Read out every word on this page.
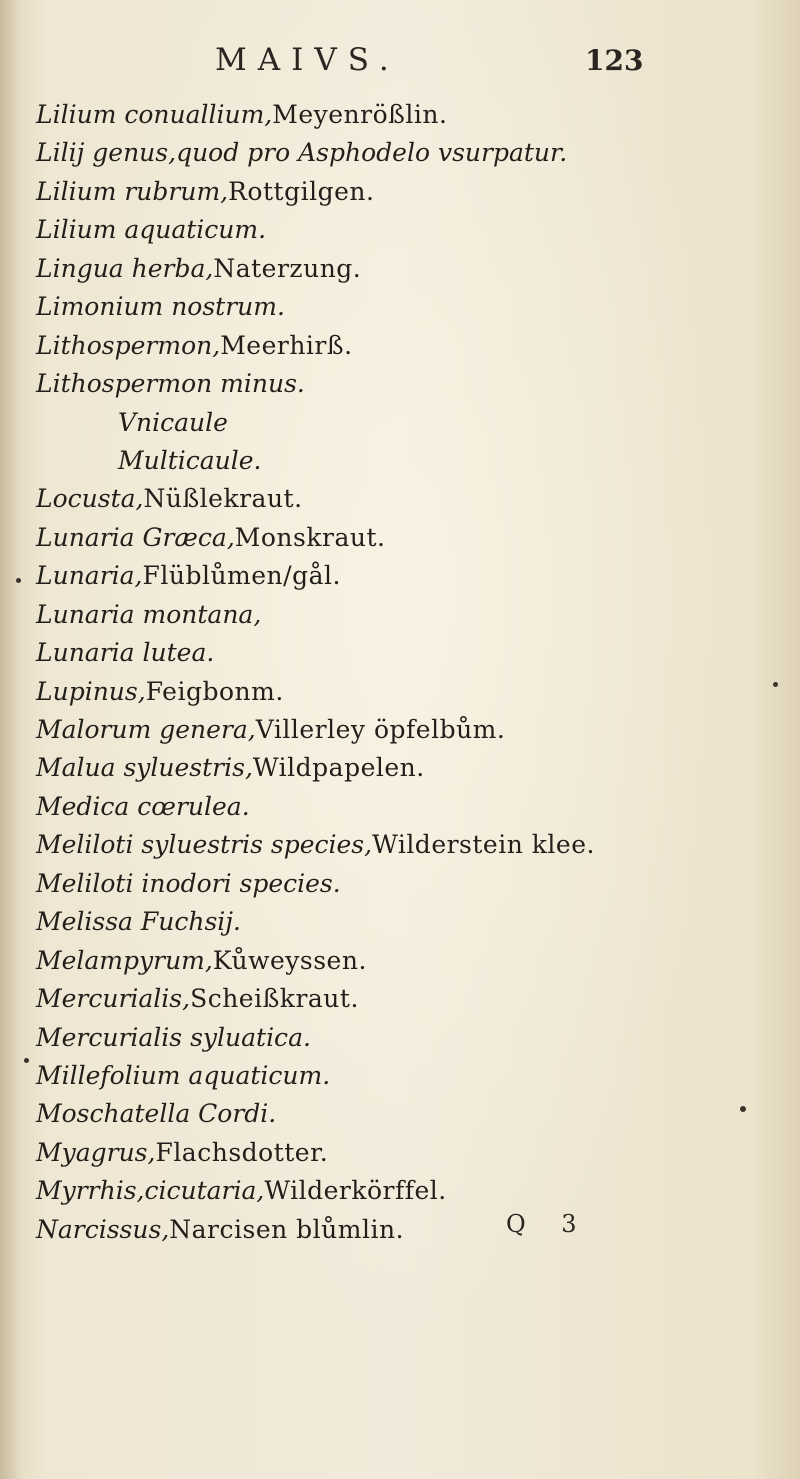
MAIVS.	123
Lilium conuallium,Meyenrößlin.
Lilij genus,quod pro Asphodelo vsurpatur.
Lilium rubrum,Rottgilgen.
Lilium aquaticum.
Lingua herba,Naterzung.
Limonium nostrum.
Lithospermon,Meerhirß.
Lithospermon minus.
Vnicaule
Multicaule.
Locusta,Nüßlekraut.
Lunaria Græca,Monskraut.
Lunaria,Flüblůmen/gål.
Lunaria montana,
Lunaria lutea.
Lupinus,Feigbonm.
Malorum genera,Villerley öpfelbům.
Malua syluestris,Wildpapelen.
Medica cœrulea.
Meliloti syluestris species,Wilderstein klee.
Meliloti inodori species.
Melissa Fuchsij.
Melampyrum,Kůweyssen.
Mercurialis,Scheißkraut.
Mercurialis syluatica.
Millefolium aquaticum.
Moschatella Cordi.
Myagrus,Flachsdotter.
Myrrhis,cicutaria,Wilderkörffel.
Narcissus,Narcisen blůmlin.	Q 3
